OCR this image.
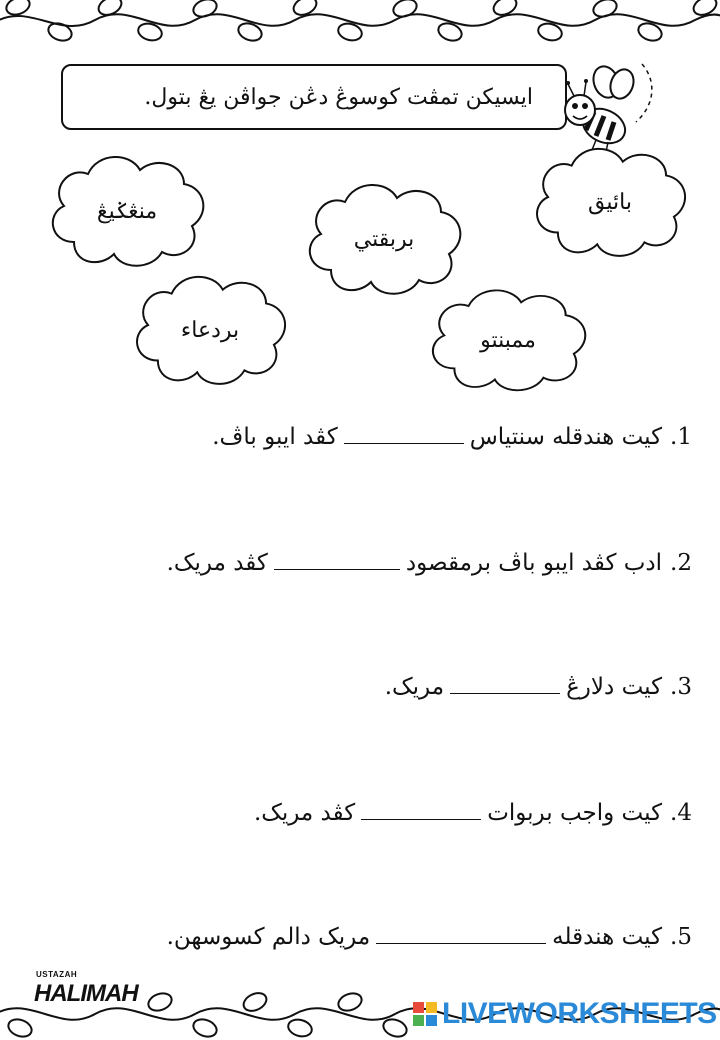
ايسيكن تمڤت كوسوڠ دڠن جواڤن يڠ بتول.
منڠݢيڠ
بربقتي
بائيق
بردعاء	ممبنتو
1.
كيت هندقله سنتياس
كڤد ايبو باڤ.
2.
ادب كڤد ايبو باڤ برمقصود
كڤد مريک.
3.
كيت دلارڠ
مريک.
4.
كيت واجب بربوات
كڤد مريک.
5.
كيت هندقله
مريک دالم كسوسهن.
USTAZAH
HALIMAH
LIVEWORKSHEETS
